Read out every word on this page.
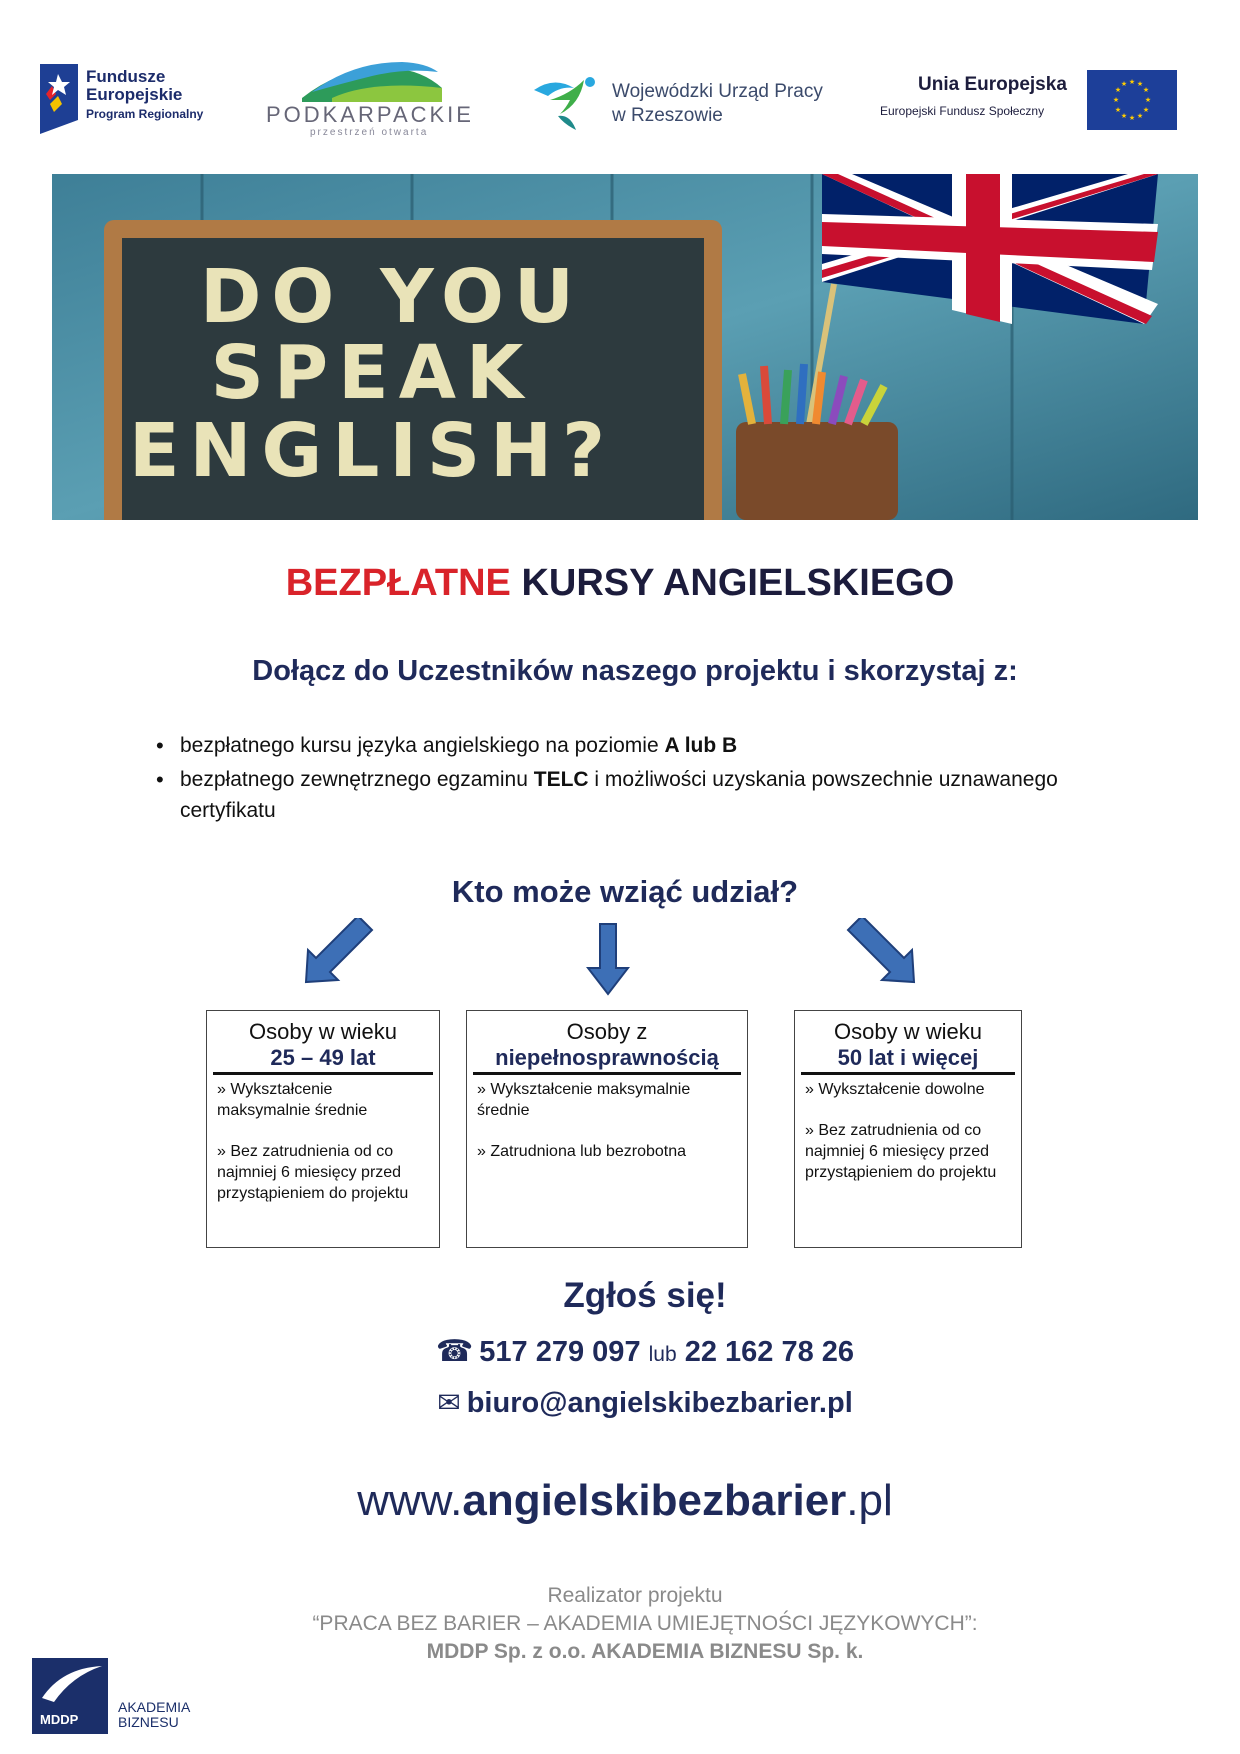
Fundusze
Europejskie
Program Regionalny	PODKARPACKIE
przestrzeń otwarta
Wojewódzki Urząd Pracy
w Rzeszowie
Unia Europejska
Europejski Fundusz Społeczny
★ ★
★
★
★
★
★
★
★
★
★
★
DO YOU
SPEAK
ENGLISH?
BEZPŁATNE KURSY ANGIELSKIEGO
Dołącz do Uczestników naszego projektu i skorzystaj z:
• bezpłatnego kursu języka angielskiego na poziomie A lub B
• bezpłatnego zewnętrznego egzaminu TELC i możliwości uzyskania powszechnie uznawanego certyfikatu
Kto może wziąć udział?
Osoby w wieku
25 – 49 lat
» Wykształcenie maksymalnie średnie
» Bez zatrudnienia od co najmniej 6 miesięcy przed przystąpieniem do projektu
Osoby z
niepełnosprawnością
» Wykształcenie maksymalnie średnie
» Zatrudniona lub bezrobotna
Osoby w wieku
50 lat i więcej
» Wykształcenie dowolne
» Bez zatrudnienia od co najmniej 6 miesięcy przed przystąpieniem do projektu
Zgłoś się!
☎ 517 279 097 lub 22 162 78 26
✉ biuro@angielskibezbarier.pl
www.angielskibezbarier.pl
Realizator projektu
“PRACA BEZ BARIER – AKADEMIA UMIEJĘTNOŚCI JĘZYKOWYCH”:
MDDP Sp. z o.o. AKADEMIA BIZNESU Sp. k.
MDDP
AKADEMIA
BIZNESU
